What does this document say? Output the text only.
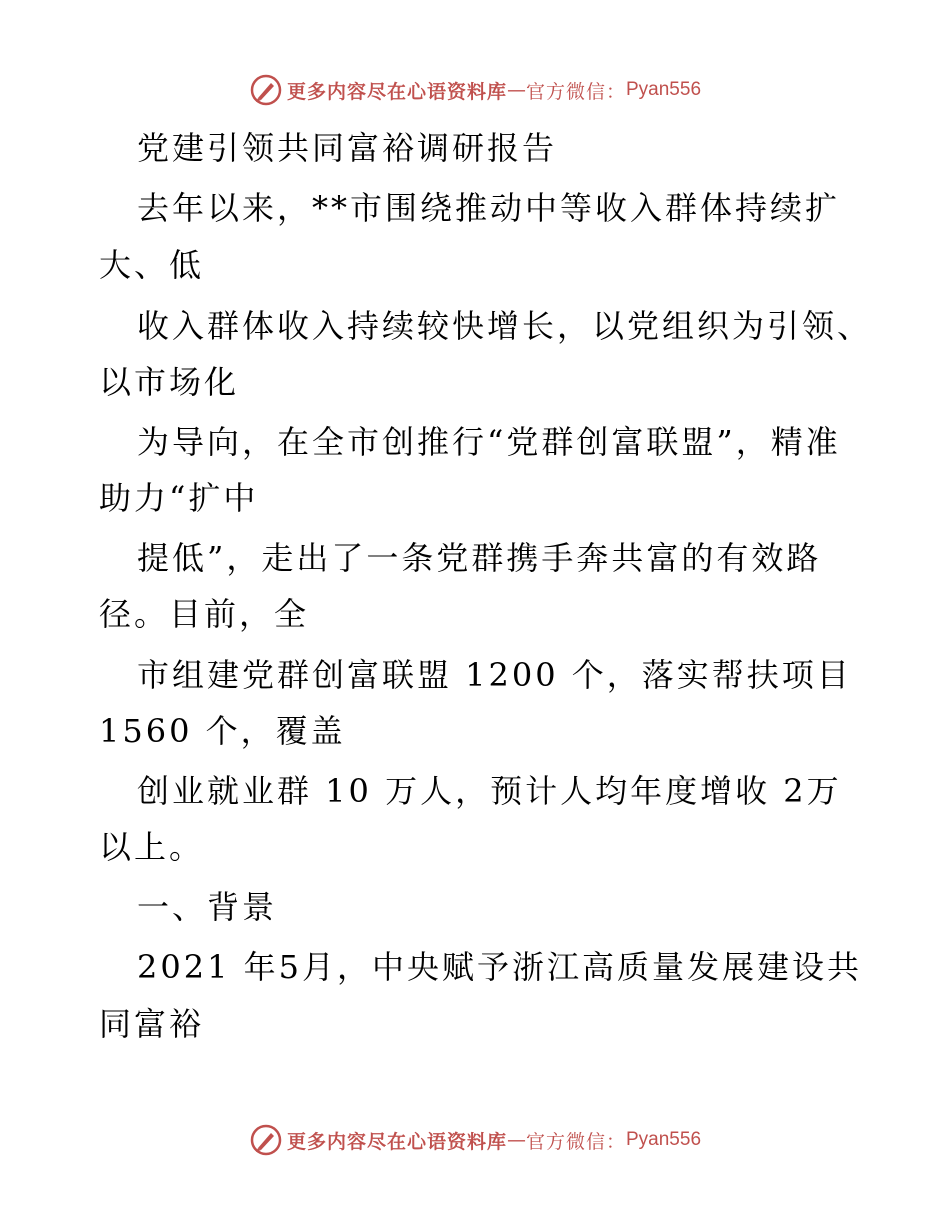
更多内容尽在心语资料库 — 官方微信： Pyan556
党建引领共同富裕调研报告
去年以来，**市围绕推动中等收入群体持续扩
大、低
收入群体收入持续较快增长，以党组织为引领、
以市场化
为导向，在全市创推行“党群创富联盟”，精准
助力“扩中
提低”，走出了一条党群携手奔共富的有效路
径。目前，全
市组建党群创富联盟 1200 个，落实帮扶项目
1560 个，覆盖
创业就业群 10 万人，预计人均年度增收 2万
以上。
一、背景
2021 年5月，中央赋予浙江高质量发展建设共
同富裕
更多内容尽在心语资料库 — 官方微信： Pyan556
